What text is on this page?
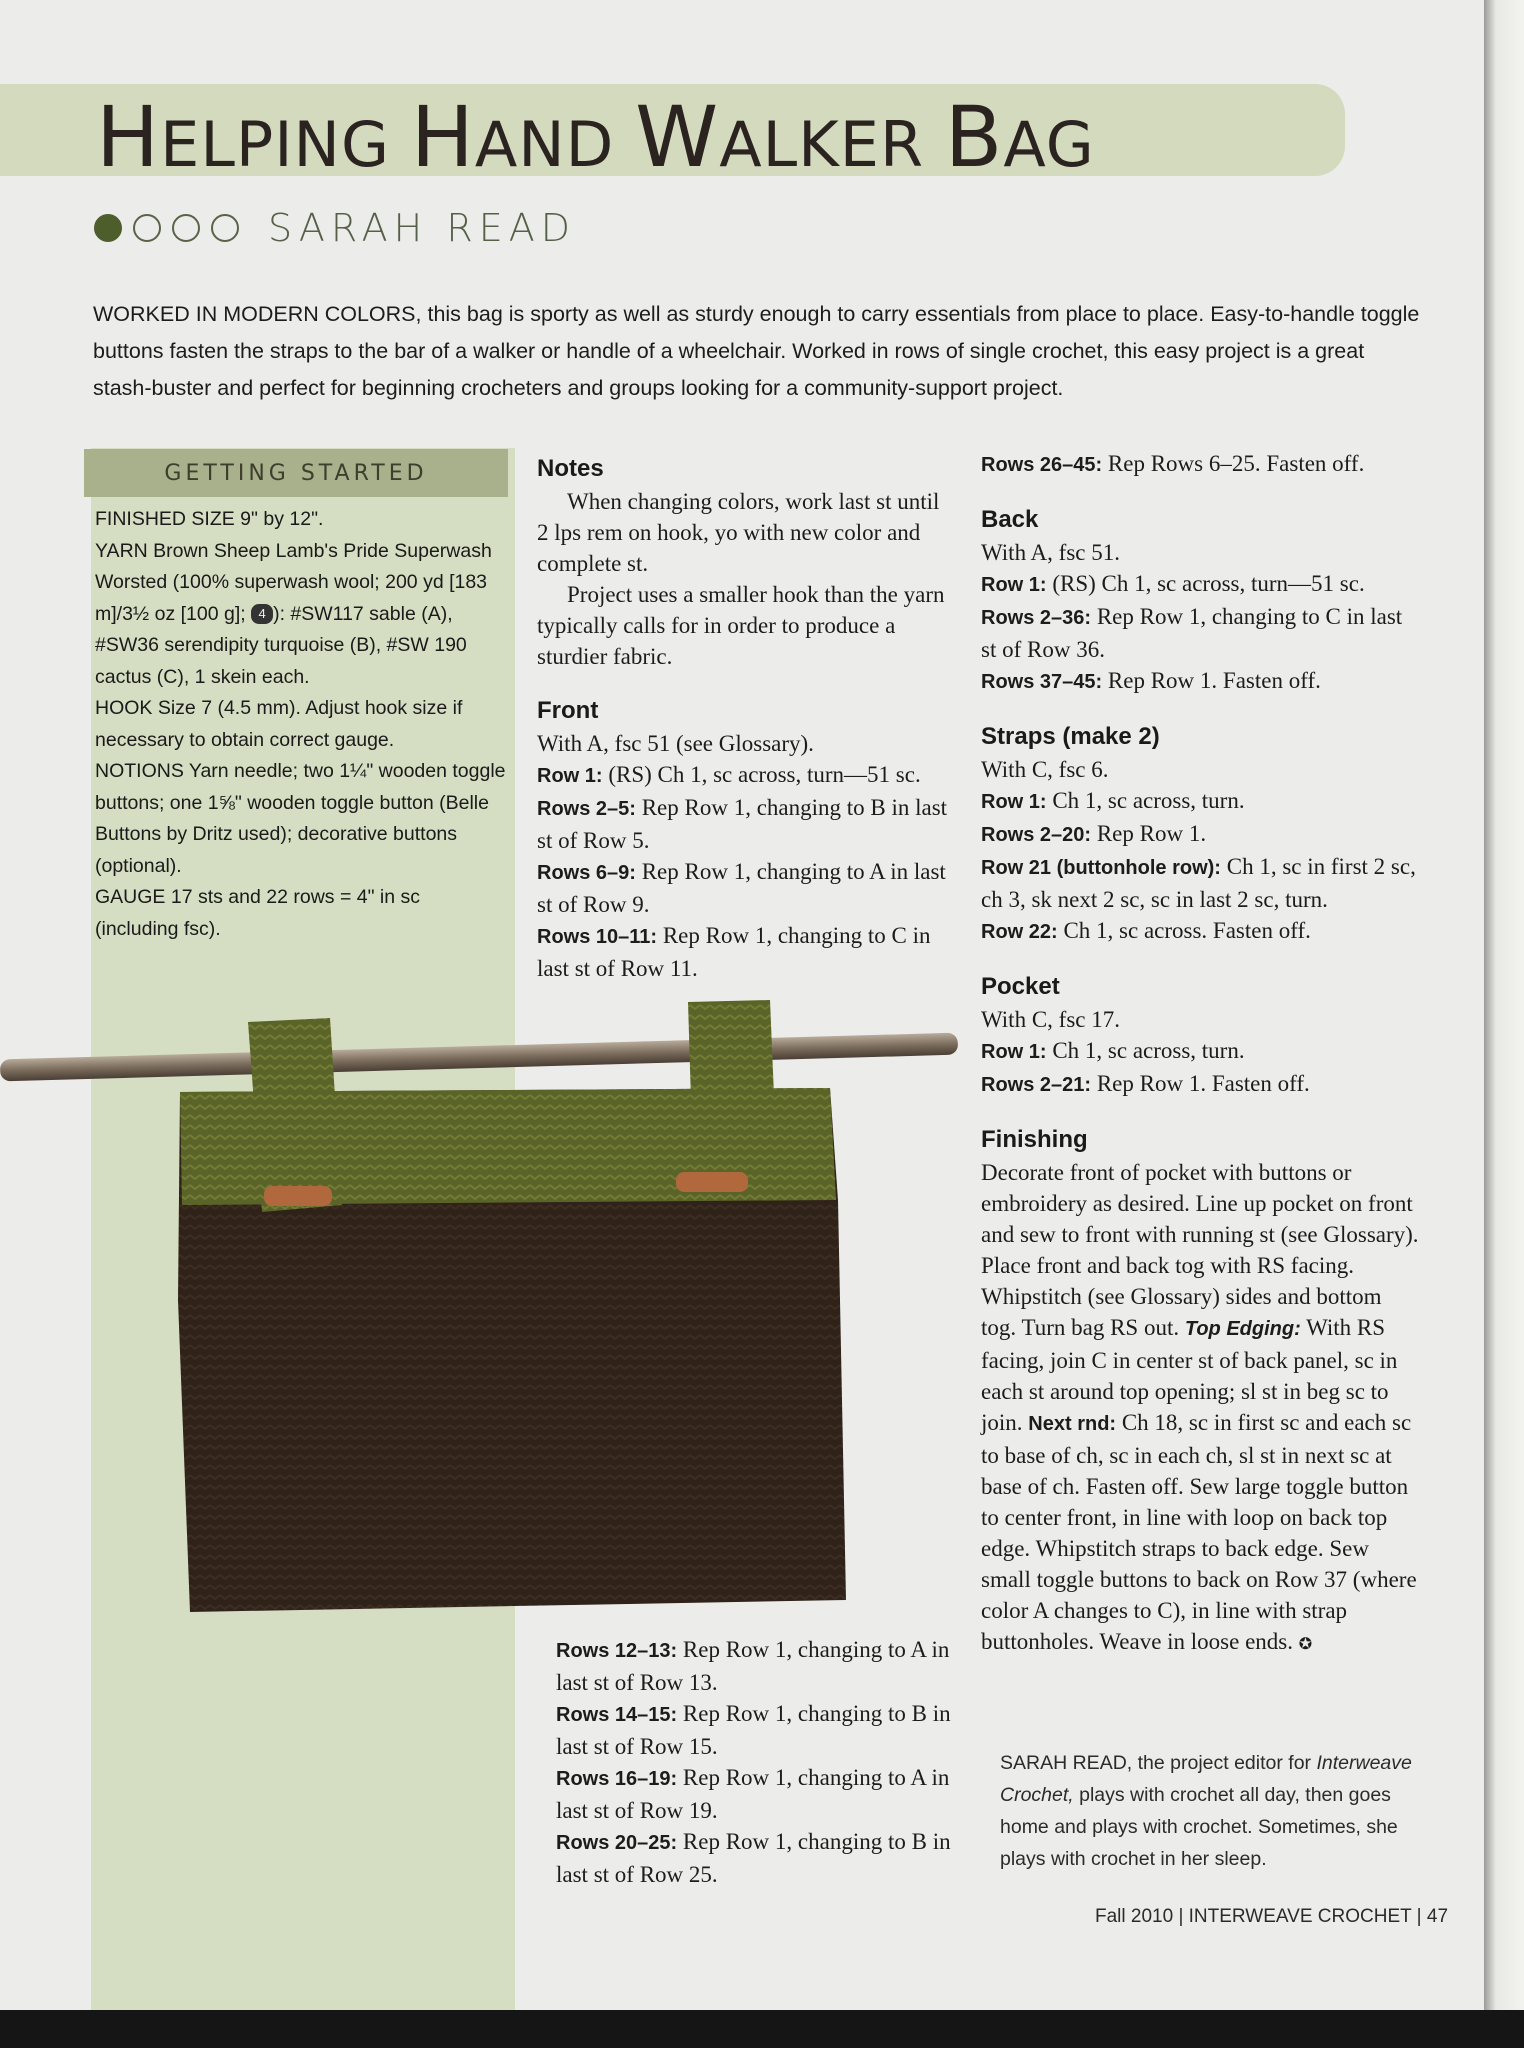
HELPING HAND WALKER BAG
SARAH READ
WORKED IN MODERN COLORS, this bag is sporty as well as sturdy enough to carry essentials from place to place. Easy-to-handle toggle buttons fasten the straps to the bar of a walker or handle of a wheelchair. Worked in rows of single crochet, this easy project is a great stash-buster and perfect for beginning crocheters and groups looking for a community-support project.
GETTING STARTED

FINISHED SIZE 9" by 12".

YARN Brown Sheep Lamb's Pride Superwash Worsted (100% superwash wool; 200 yd [183 m]/3½ oz [100 g]; 4 ): #SW117 sable (A), #SW36 serendipity turquoise (B), #SW 190 cactus (C), 1 skein each.

HOOK Size 7 (4.5 mm). Adjust hook size if necessary to obtain correct gauge.

NOTIONS Yarn needle; two 1¼" wooden toggle buttons; one 1⅝" wooden toggle button (Belle Buttons by Dritz used); decorative buttons (optional).

GAUGE 17 sts and 22 rows = 4" in sc (including fsc).

Notes

When changing colors, work last st until 2 lps rem on hook, yo with new color and complete st.

Project uses a smaller hook than the yarn typically calls for in order to produce a sturdier fabric.

Front

With A, fsc 51 (see Glossary).

Row 1: (RS) Ch 1, sc across, turn—51 sc.

Rows 2–5: Rep Row 1, changing to B in last st of Row 5.

Rows 6–9: Rep Row 1, changing to A in last st of Row 9.

Rows 10–11: Rep Row 1, changing to C in last st of Row 11.

Rows 12–13: Rep Row 1, changing to A in last st of Row 13.

Rows 14–15: Rep Row 1, changing to B in last st of Row 15.

Rows 16–19: Rep Row 1, changing to A in last st of Row 19.

Rows 20–25: Rep Row 1, changing to B in last st of Row 25.

Rows 26–45: Rep Rows 6–25. Fasten off.

Back

With A, fsc 51.

Row 1: (RS) Ch 1, sc across, turn—51 sc.

Rows 2–36: Rep Row 1, changing to C in last st of Row 36.

Rows 37–45: Rep Row 1. Fasten off.

Straps (make 2)

With C, fsc 6.

Row 1: Ch 1, sc across, turn.

Rows 2–20: Rep Row 1.

Row 21 (buttonhole row): Ch 1, sc in first 2 sc, ch 3, sk next 2 sc, sc in last 2 sc, turn.

Row 22: Ch 1, sc across. Fasten off.

Pocket

With C, fsc 17.

Row 1: Ch 1, sc across, turn.

Rows 2–21: Rep Row 1. Fasten off.

Finishing

Decorate front of pocket with buttons or embroidery as desired. Line up pocket on front and sew to front with running st (see Glossary). Place front and back tog with RS facing. Whipstitch (see Glossary) sides and bottom tog. Turn bag RS out. Top Edging: With RS facing, join C in center st of back panel, sc in each st around top opening; sl st in beg sc to join. Next rnd: Ch 18, sc in first sc and each sc to base of ch, sc in each ch, sl st in next sc at base of ch. Fasten off. Sew large toggle button to center front, in line with loop on back top edge. Whipstitch straps to back edge. Sew small toggle buttons to back on Row 37 (where color A changes to C), in line with strap buttonholes. Weave in loose ends. ✪

SARAH READ, the project editor for Interweave Crochet, plays with crochet all day, then goes home and plays with crochet. Sometimes, she plays with crochet in her sleep.
Fall 2010 | INTERWEAVE CROCHET | 47
